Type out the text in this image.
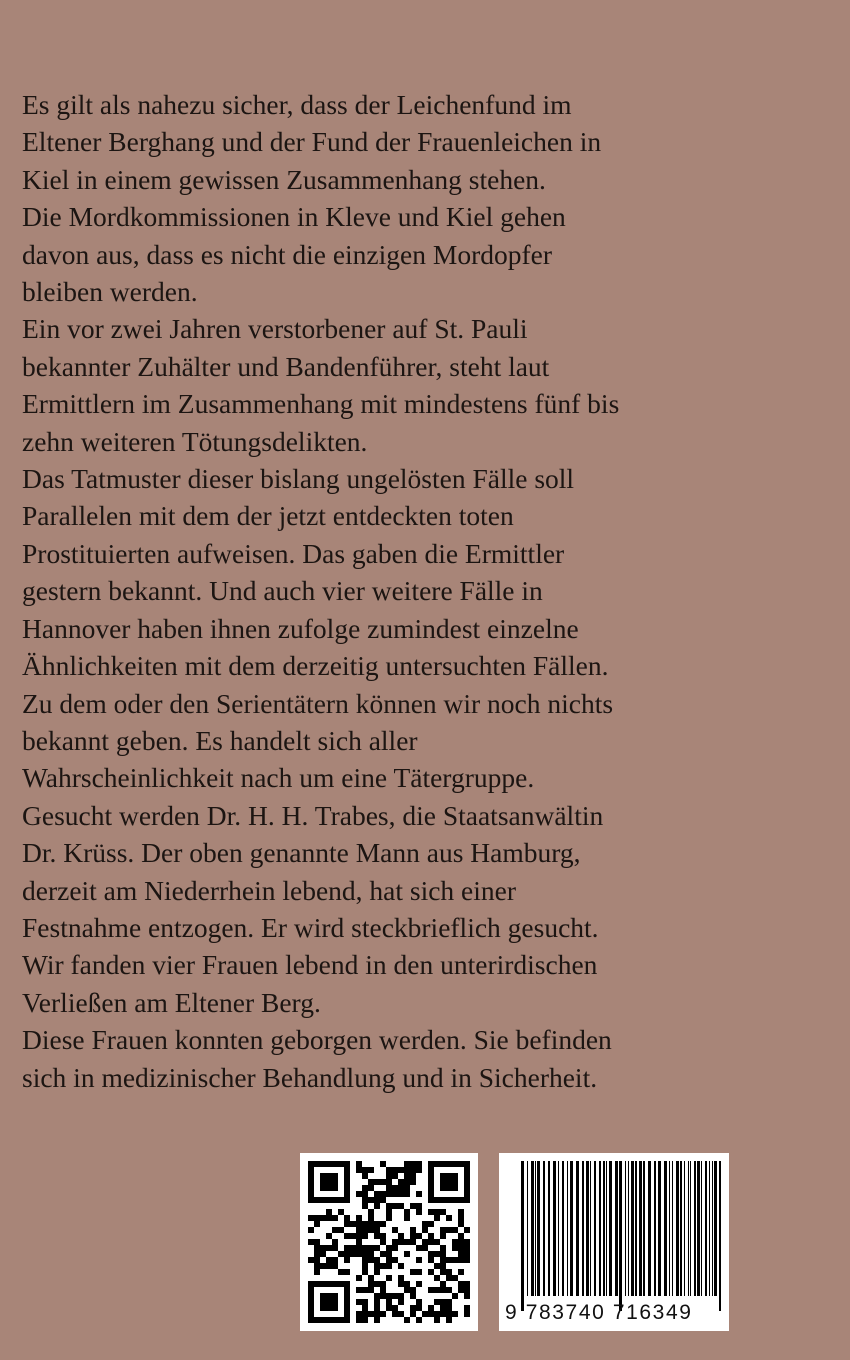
Es gilt als nahezu sicher, dass der Leichenfund im
Eltener Berghang und der Fund der Frauenleichen in
Kiel in einem gewissen Zusammenhang stehen.
Die Mordkommissionen in Kleve und Kiel gehen
davon aus, dass es nicht die einzigen Mordopfer
bleiben werden.
Ein vor zwei Jahren verstorbener auf St. Pauli
bekannter Zuhälter und Bandenführer, steht laut
Ermittlern im Zusammenhang mit mindestens fünf bis
zehn weiteren Tötungsdelikten.
Das Tatmuster dieser bislang ungelösten Fälle soll
Parallelen mit dem der jetzt entdeckten toten
Prostituierten aufweisen. Das gaben die Ermittler
gestern bekannt. Und auch vier weitere Fälle in
Hannover haben ihnen zufolge zumindest einzelne
Ähnlichkeiten mit dem derzeitig untersuchten Fällen.
Zu dem oder den Serientätern können wir noch nichts
bekannt geben. Es handelt sich aller
Wahrscheinlichkeit nach um eine Tätergruppe.
Gesucht werden Dr. H. H. Trabes, die Staatsanwältin
Dr. Krüss. Der oben genannte Mann aus Hamburg,
derzeit am Niederrhein lebend, hat sich einer
Festnahme entzogen. Er wird steckbrieflich gesucht.
Wir fanden vier Frauen lebend in den unterirdischen
Verließen am Eltener Berg.
Diese Frauen konnten geborgen werden. Sie befinden
sich in medizinischer Behandlung und in Sicherheit.
9 783740 716349
